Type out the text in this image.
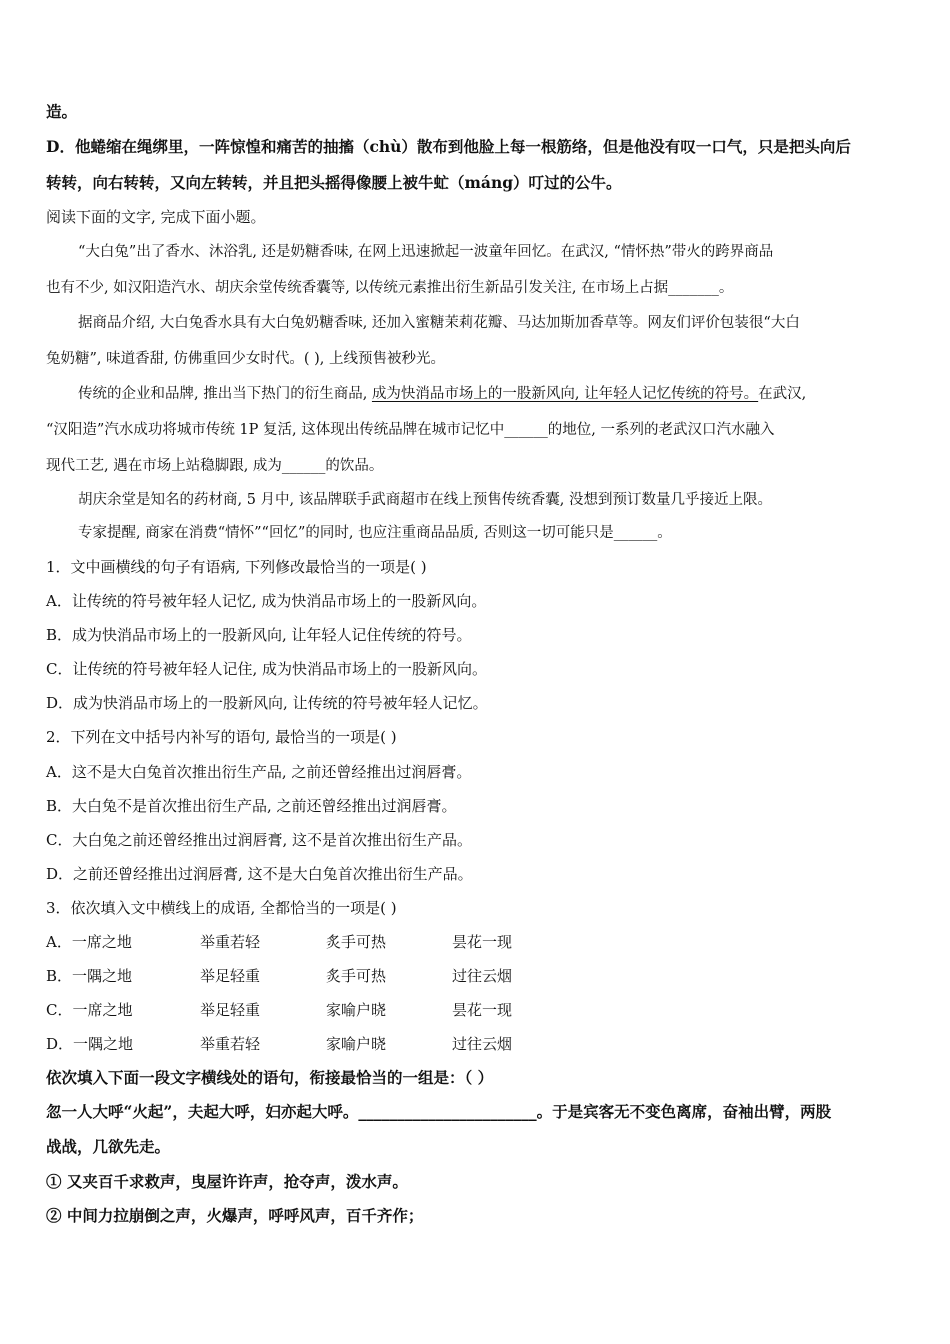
造。
D．他蜷缩在绳绑里，一阵惊惶和痛苦的抽搐（chù）散布到他脸上每一根筋络，但是他没有叹一口气，只是把头向后
转转，向右转转，又向左转转，并且把头摇得像腰上被牛虻（máng）叮过的公牛。
阅读下面的文字, 完成下面小题。
“大白兔”出了香水、沐浴乳, 还是奶糖香味, 在网上迅速掀起一波童年回忆。在武汉, “情怀热”带火的跨界商品
也有不少, 如汉阳造汽水、胡庆余堂传统香囊等, 以传统元素推出衍生新品引发关注, 在市场上占据_______。
据商品介绍, 大白兔香水具有大白兔奶糖香味, 还加入蜜糖茉莉花瓣、马达加斯加香草等。网友们评价包装很“大白
兔奶糖”, 味道香甜, 仿佛重回少女时代。( ), 上线预售被秒光。
传统的企业和品牌, 推出当下热门的衍生商品, 成为快消品市场上的一股新风向, 让年轻人记忆传统的符号。在武汉,
“汉阳造”汽水成功将城市传统 1P 复活, 这体现出传统品牌在城市记忆中______的地位, 一系列的老武汉口汽水融入
现代工艺, 遇在市场上站稳脚跟, 成为______的饮品。
胡庆余堂是知名的药材商, 5 月中, 该品牌联手武商超市在线上预售传统香囊, 没想到预订数量几乎接近上限。
专家提醒, 商家在消费“情怀”“回忆”的同时, 也应注重商品品质, 否则这一切可能只是______。
1．文中画横线的句子有语病, 下列修改最恰当的一项是( )
A．让传统的符号被年轻人记忆, 成为快消品市场上的一股新风向。
B．成为快消品市场上的一股新风向, 让年轻人记住传统的符号。
C．让传统的符号被年轻人记住, 成为快消品市场上的一股新风向。
D．成为快消品市场上的一股新风向, 让传统的符号被年轻人记忆。
2．下列在文中括号内补写的语句, 最恰当的一项是( )
A．这不是大白兔首次推出衍生产品, 之前还曾经推出过润唇膏。
B．大白兔不是首次推出衍生产品, 之前还曾经推出过润唇膏。
C．大白兔之前还曾经推出过润唇膏, 这不是首次推出衍生产品。
D．之前还曾经推出过润唇膏, 这不是大白兔首次推出衍生产品。
3．依次填入文中横线上的成语, 全都恰当的一项是( )
A．一席之地	举重若轻	炙手可热	昙花一现
B．一隅之地	举足轻重	炙手可热	过往云烟
C．一席之地	举足轻重	家喻户晓	昙花一现
D．一隅之地	举重若轻	家喻户晓	过往云烟
依次填入下面一段文字横线处的语句，衔接最恰当的一组是：（ ）
忽一人大呼“火起”，夫起大呼，妇亦起大呼。_______________________。于是宾客无不变色离席，奋袖出臂，两股
战战，几欲先走。
① 又夹百千求救声，曳屋许许声，抢夺声，泼水声。
② 中间力拉崩倒之声，火爆声，呼呼风声，百千齐作；
